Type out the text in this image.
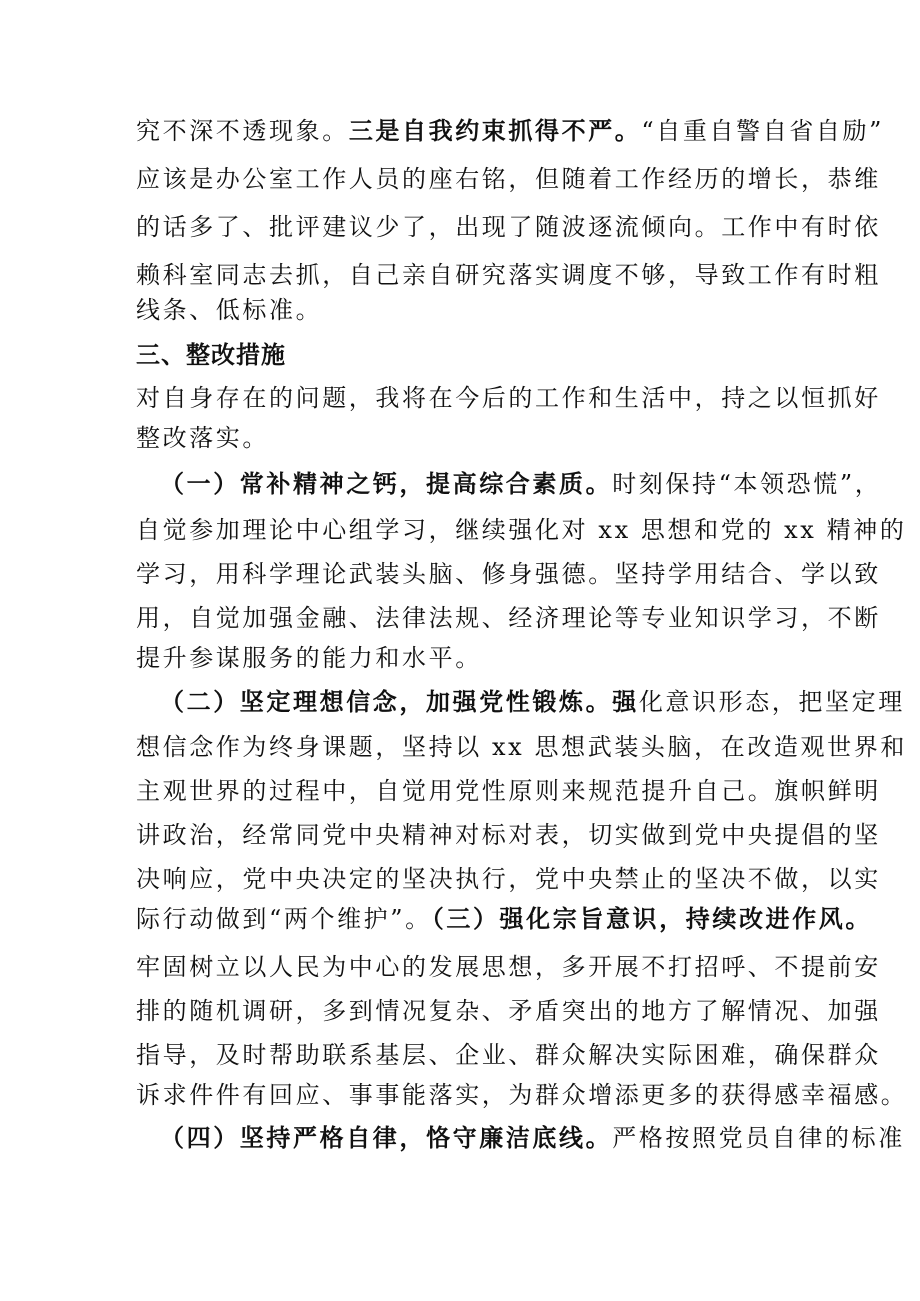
究不深不透现象。三是自我约束抓得不严。“自重自警自省自励”
应该是办公室工作人员的座右铭，但随着工作经历的增长，恭维
的话多了、批评建议少了，出现了随波逐流倾向。工作中有时依
赖科室同志去抓，自己亲自研究落实调度不够，导致工作有时粗
线条、低标准。
三、整改措施
对自身存在的问题，我将在今后的工作和生活中，持之以恒抓好
整改落实。
（一）常补精神之钙，提高综合素质。时刻保持“本领恐慌”，
自觉参加理论中心组学习，继续强化对 xx 思想和党的 xx 精神的
学习，用科学理论武装头脑、修身强德。坚持学用结合、学以致
用，自觉加强金融、法律法规、经济理论等专业知识学习，不断
提升参谋服务的能力和水平。
（二）坚定理想信念，加强党性锻炼。强化意识形态，把坚定理
想信念作为终身课题，坚持以 xx 思想武装头脑，在改造观世界和
主观世界的过程中，自觉用党性原则来规范提升自己。旗帜鲜明
讲政治，经常同党中央精神对标对表，切实做到党中央提倡的坚
决响应，党中央决定的坚决执行，党中央禁止的坚决不做，以实
际行动做到“两个维护”。（三）强化宗旨意识，持续改进作风。
牢固树立以人民为中心的发展思想，多开展不打招呼、不提前安
排的随机调研，多到情况复杂、矛盾突出的地方了解情况、加强
指导，及时帮助联系基层、企业、群众解决实际困难，确保群众
诉求件件有回应、事事能落实，为群众增添更多的获得感幸福感。
（四）坚持严格自律，恪守廉洁底线。严格按照党员自律的标准
